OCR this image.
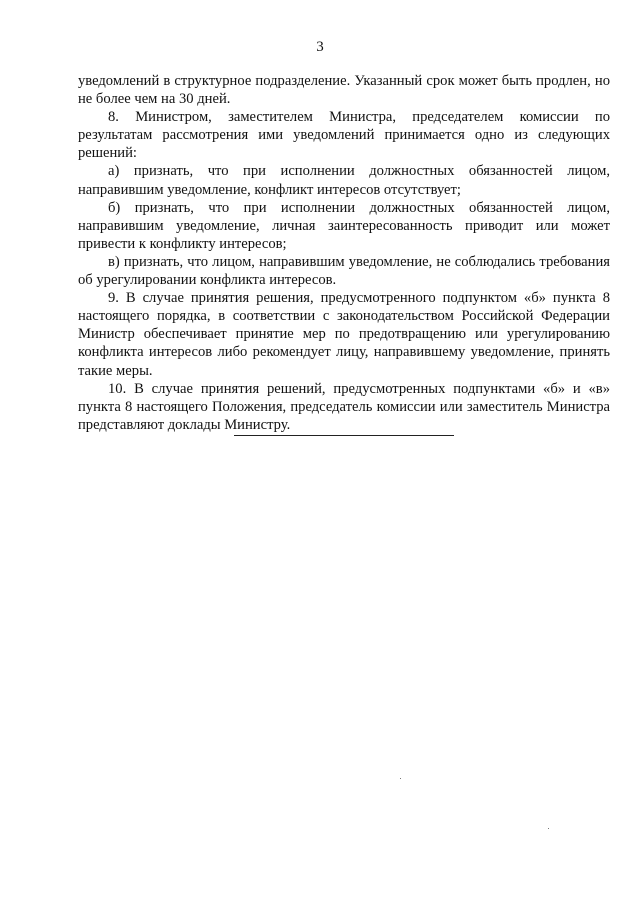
3

уведомлений в структурное подразделение. Указанный срок может быть продлен, но не более чем на 30 дней.

8. Министром, заместителем Министра, председателем комиссии по результатам рассмотрения ими уведомлений принимается одно из следующих решений:

а) признать, что при исполнении должностных обязанностей лицом, направившим уведомление, конфликт интересов отсутствует;

б) признать, что при исполнении должностных обязанностей лицом, направившим уведомление, личная заинтересованность приводит или может привести к конфликту интересов;

в) признать, что лицом, направившим уведомление, не соблюдались требования об урегулировании конфликта интересов.

9. В случае принятия решения, предусмотренного подпунктом «б» пункта 8 настоящего порядка, в соответствии с законодательством Российской Федерации Министр обеспечивает принятие мер по предотвращению или урегулированию конфликта интересов либо рекомендует лицу, направившему уведомление, принять такие меры.

10. В случае принятия решений, предусмотренных подпунктами «б» и «в» пункта 8 настоящего Положения, председатель комиссии или заместитель Министра представляют доклады Министру.
